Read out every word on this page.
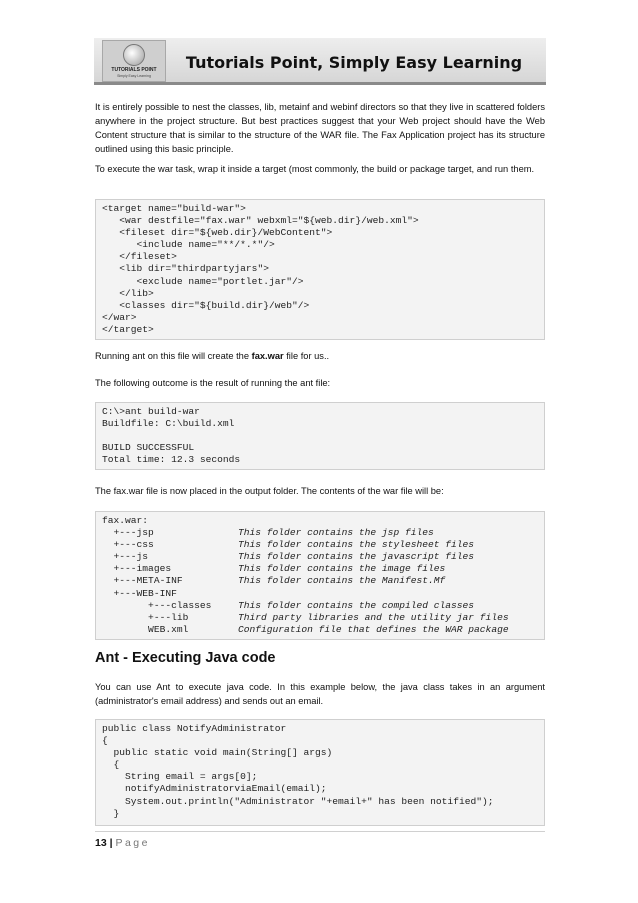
TUTORIALS POINT
Simply Easy Learning
Tutorials Point, Simply Easy Learning

It is entirely possible to nest the classes, lib, metainf and webinf directors so that they live in scattered folders anywhere in the project structure. But best practices suggest that your Web project should have the Web Content structure that is similar to the structure of the WAR file. The Fax Application project has its structure outlined using this basic principle.

To execute the war task, wrap it inside a target (most commonly, the build or package target, and run them.

<target name="build-war">
<war destfile="fax.war" webxml="${web.dir}/web.xml">
<fileset dir="${web.dir}/WebContent">
<include name="**/*.*"/>
</fileset>
<lib dir="thirdpartyjars">
<exclude name="portlet.jar"/>
</lib>
<classes dir="${build.dir}/web"/>
</war>
</target>

Running ant on this file will create the fax.war file for us..

The following outcome is the result of running the ant file:

C:\>ant build-war
Buildfile: C:\build.xml
BUILD SUCCESSFUL
Total time: 12.3 seconds

The fax.war file is now placed in the output folder. The contents of the war file will be:

fax.war:
+---jsp	This folder contains the jsp files
+---css	This folder contains the stylesheet files
+---js	This folder contains the javascript files
+---images	This folder contains the image files
+---META-INF	This folder contains the Manifest.Mf
+---WEB-INF
+---classes	This folder contains the compiled classes
+---lib	Third party libraries and the utility jar files
WEB.xml	Configuration file that defines the WAR package
Ant - Executing Java code

You can use Ant to execute java code. In this example below, the java class takes in an argument (administrator's email address) and sends out an email.

public class NotifyAdministrator
{
public static void main(String[] args)
{
String email = args[0];
notifyAdministratorviaEmail(email);
System.out.println("Administrator "+email+" has been notified");
}
13 | Page
